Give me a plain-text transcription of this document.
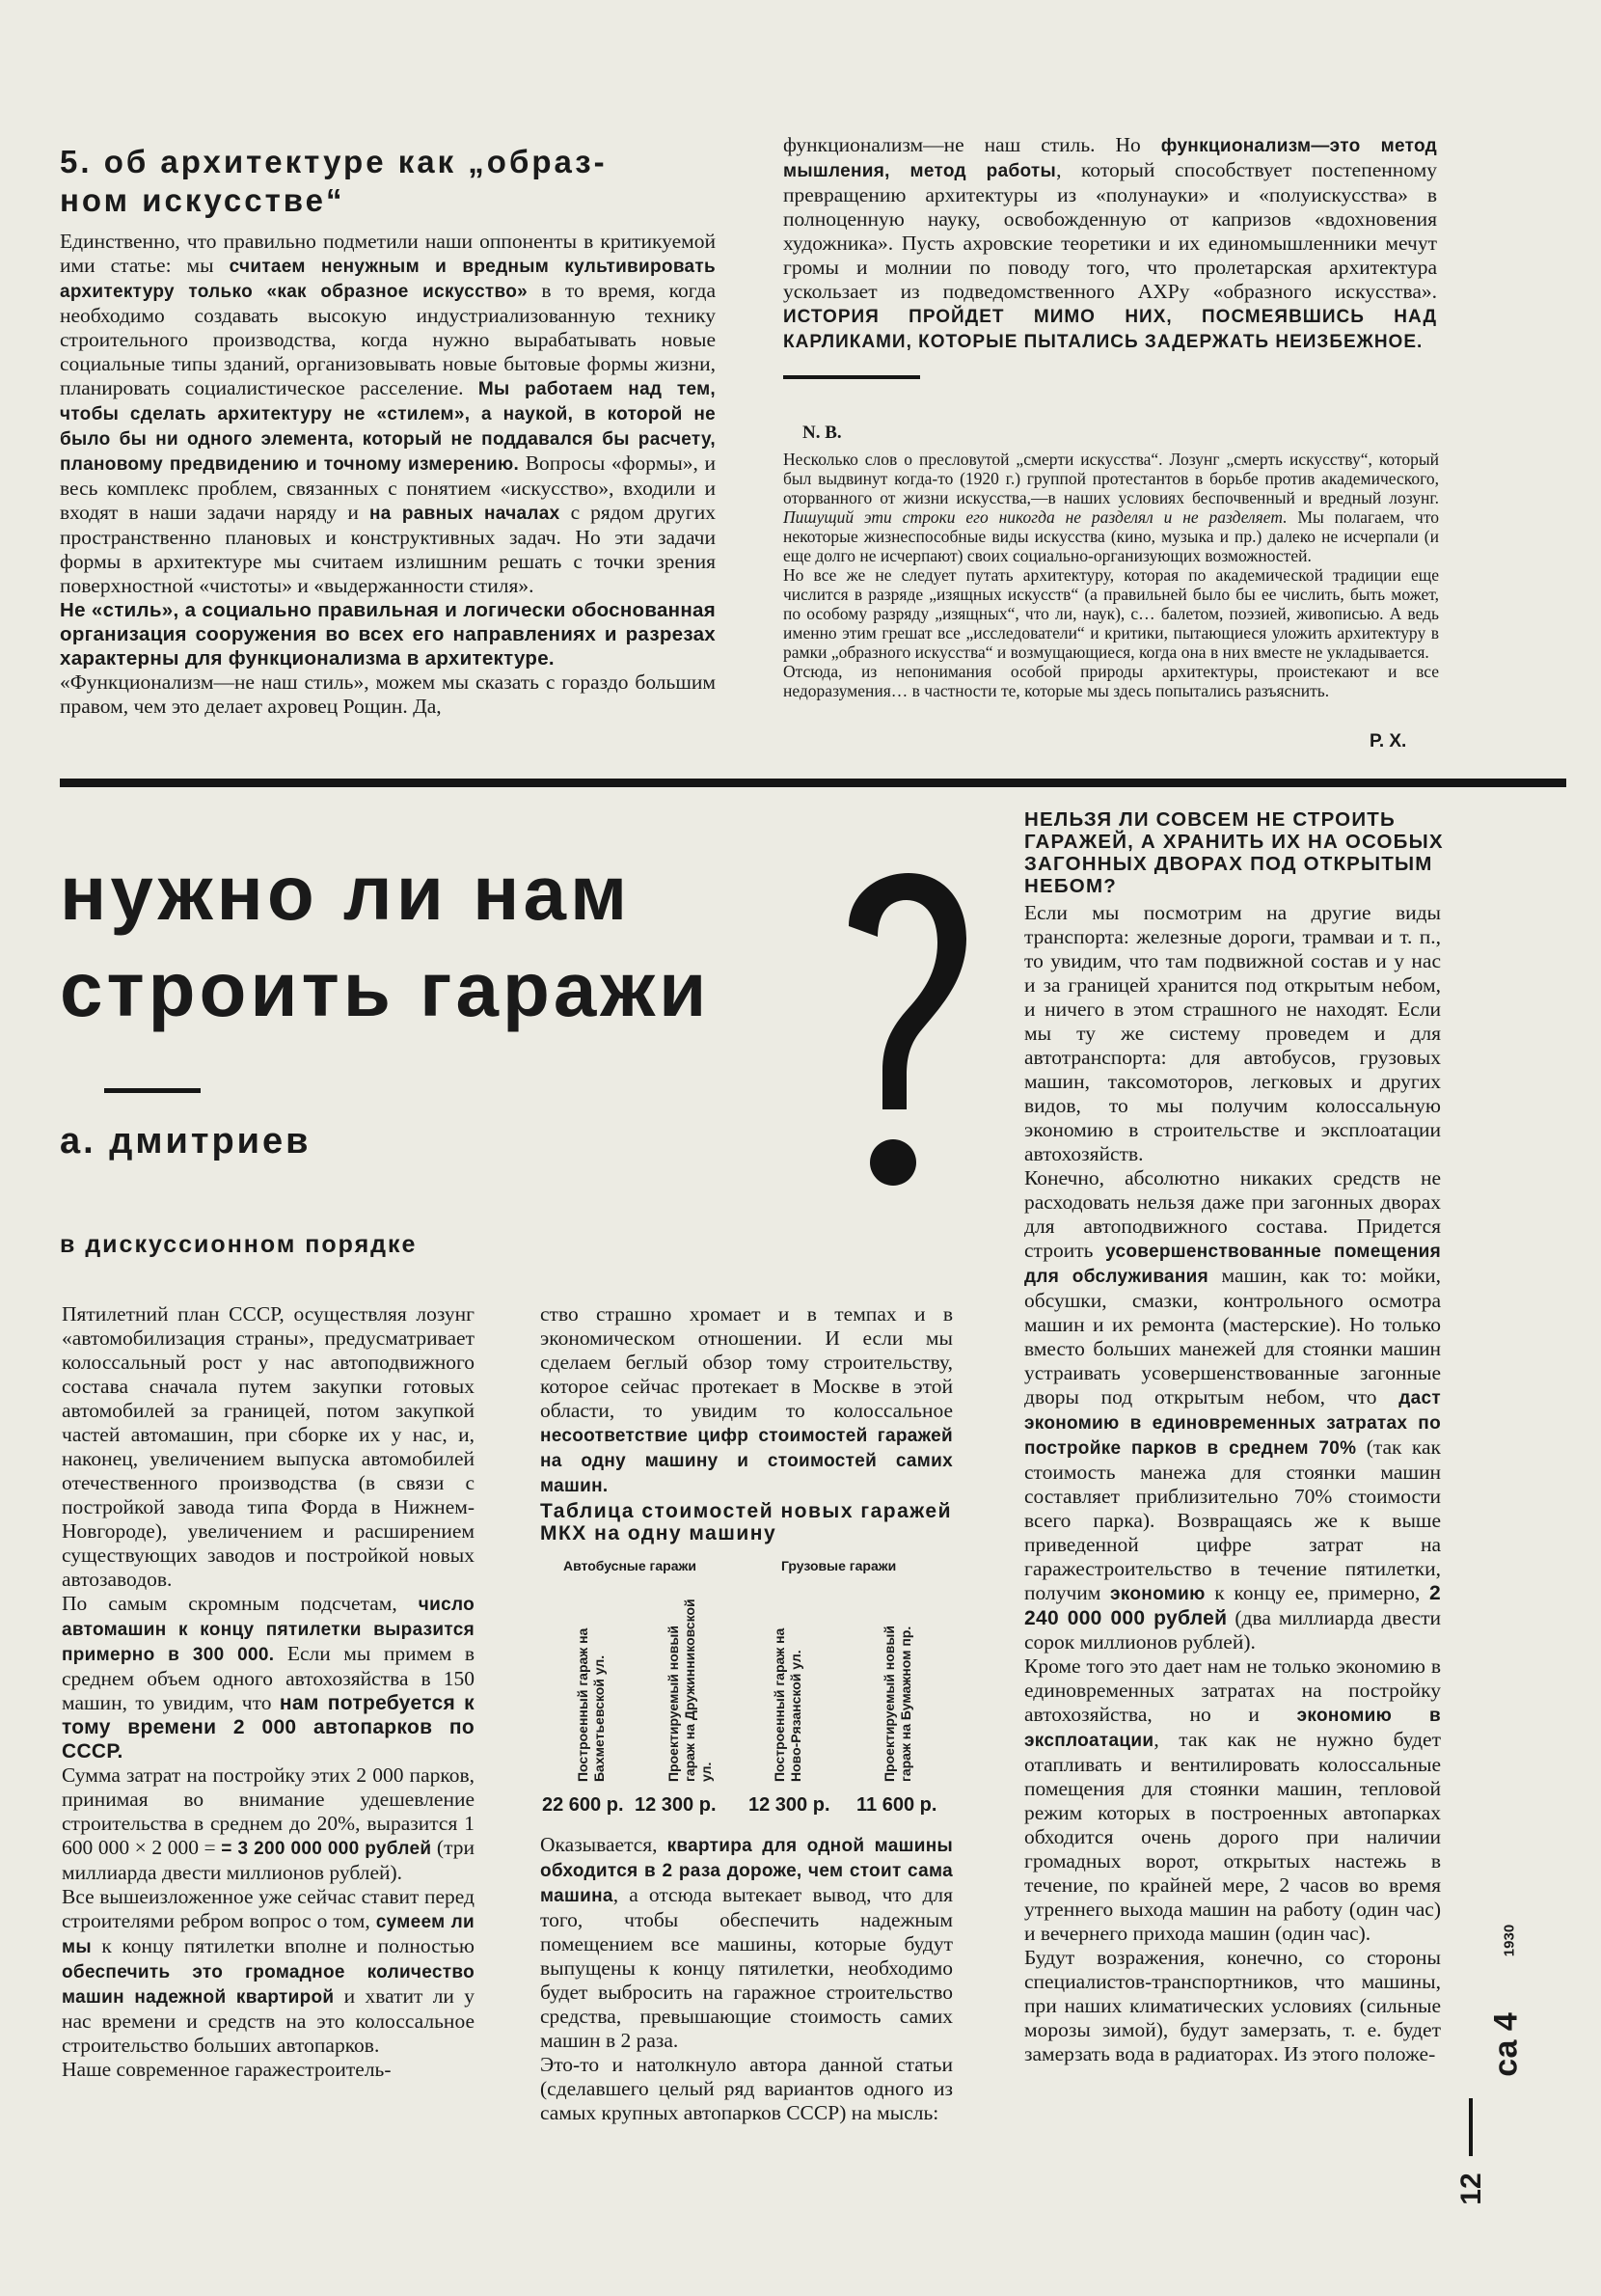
5. об архитектуре как „образ-
ном искусстве“

Единственно, что правильно подметили наши оппоненты в критикуемой ими статье: мы считаем ненужным и вредным культивировать архитектуру только «как образное искусство» в то время, когда необходимо создавать высокую индустриализованную технику строительного производства, когда нужно вырабатывать новые социальные типы зданий, организовывать новые бытовые формы жизни, планировать социалистическое расселение. Мы работаем над тем, чтобы сделать архитектуру не «стилем», а наукой, в которой не было бы ни одного элемента, который не поддавался бы расчету, плановому предвидению и точному измерению. Вопросы «формы», и весь комплекс проблем, связанных с понятием «искусство», входили и входят в наши задачи наряду и на равных началах с рядом других пространственно плановых и конструктивных задач. Но эти задачи формы в архитектуре мы считаем излишним решать с точки зрения поверхностной «чистоты» и «выдержанности стиля».

Не «стиль», а социально правильная и логически обоснованная организация сооружения во всех его направлениях и разрезах характерны для функционализма в архитектуре.

«Функционализм—не наш стиль», можем мы сказать с гораздо большим правом, чем это делает ахровец Рощин. Да,

функционализм—не наш стиль. Но функционализм—это метод мышления, метод работы, который способствует постепенному превращению архитектуры из «полунауки» и «полуискусства» в полноценную науку, освобожденную от капризов «вдохновения художника». Пусть ахровские теоретики и их единомышленники мечут громы и молнии по поводу того, что пролетарская архитектура ускользает из подведомственного АХРу «образного искусства». ИСТОРИЯ ПРОЙДЕТ МИМО НИХ, ПОСМЕЯВШИСЬ НАД КАРЛИКАМИ, КОТОРЫЕ ПЫТАЛИСЬ ЗАДЕРЖАТЬ НЕИЗБЕЖНОЕ.

N. B.

Несколько слов о пресловутой „смерти искусства“. Лозунг „смерть искусству“, который был выдвинут когда-то (1920 г.) группой протестантов в борьбе против академического, оторванного от жизни искусства,—в наших условиях беспочвенный и вредный лозунг. Пишущий эти строки его никогда не разделял и не разделяет. Мы полагаем, что некоторые жизнеспособные виды искусства (кино, музыка и пр.) далеко не исчерпали (и еще долго не исчерпают) своих социально-организующих возможностей.

Но все же не следует путать архитектуру, которая по академической традиции еще числится в разряде „изящных искусств“ (а правильней было бы ее числить, быть может, по особому разряду „изящных“, что ли, наук), с… балетом, поэзией, живописью. А ведь именно этим грешат все „исследователи“ и критики, пытающиеся уложить архитектуру в рамки „образного искусства“ и возмущающиеся, когда она в них вместе не укладывается.

Отсюда, из непонимания особой природы архитектуры, проистекают и все недоразумения… в частности те, которые мы здесь попытались разъяснить.

Р. Х.
нужно ли нам
строить гаражи
а. дмитриев
в дискуссионном порядке

Пятилетний план СССР, осуществляя лозунг «автомобилизация страны», предусматривает колоссальный рост у нас автоподвижного состава сначала путем закупки готовых автомобилей за границей, потом закупкой частей автомашин, при сборке их у нас, и, наконец, увеличением выпуска автомобилей отечественного производства (в связи с постройкой завода типа Форда в Нижнем-Новгороде), увеличением и расширением существующих заводов и постройкой новых автозаводов.

По самым скромным подсчетам, число автомашин к концу пятилетки выразится примерно в 300 000. Если мы примем в среднем объем одного автохозяйства в 150 машин, то увидим, что нам потребуется к тому времени 2 000 автопарков по СССР.

Сумма затрат на постройку этих 2 000 парков, принимая во внимание удешевление строительства в среднем до 20%, выразится 1 600 000 × 2 000 = = 3 200 000 000 рублей (три миллиарда двести миллионов рублей).

Все вышеизложенное уже сейчас ставит перед строителями ребром вопрос о том, сумеем ли мы к концу пятилетки вполне и полностью обеспечить это громадное количество машин надежной квартирой и хватит ли у нас времени и средств на это колоссальное строительство больших автопарков.

Наше современное гаражестроитель-

ство страшно хромает и в темпах и в экономическом отношении. И если мы сделаем беглый обзор тому строительству, которое сейчас протекает в Москве в этой области, то увидим то колоссальное несоответствие цифр стоимостей гаражей на одну машину и стоимостей самих машин.

Таблица стоимостей новых гаражей МКХ на одну машину
Автобусные гаражи	Грузовые гаражи
Построенный гараж на Бахметьевской ул.	Проектируемый новый гараж на Дружинниковской ул.	Построенный гараж на Ново-Рязанской ул.	Проектируемый новый гараж на Бумажном пр.
22 600 р. 12 300 р. 12 300 р. 11 600 р.

Оказывается, квартира для одной машины обходится в 2 раза дороже, чем стоит сама машина, а отсюда вытекает вывод, что для того, чтобы обеспечить надежным помещением все машины, которые будут выпущены к концу пятилетки, необходимо будет выбросить на гаражное строительство средства, превышающие стоимость самих машин в 2 раза.

Это-то и натолкнуло автора данной статьи (сделавшего целый ряд вариантов одного из самых крупных автопарков СССР) на мысль:

НЕЛЬЗЯ ЛИ СОВСЕМ НЕ СТРОИТЬ ГАРАЖЕЙ, А ХРАНИТЬ ИХ НА ОСОБЫХ ЗАГОННЫХ ДВОРАХ ПОД ОТКРЫТЫМ НЕБОМ?

Если мы посмотрим на другие виды транспорта: железные дороги, трамваи и т. п., то увидим, что там подвижной состав и у нас и за границей хранится под открытым небом, и ничего в этом страшного не находят. Если мы ту же систему проведем и для автотранспорта: для автобусов, грузовых машин, таксомоторов, легковых и других видов, то мы получим колоссальную экономию в строительстве и эксплоатации автохозяйств.

Конечно, абсолютно никаких средств не расходовать нельзя даже при загонных дворах для автоподвижного состава. Придется строить усовершенствованные помещения для обслуживания машин, как то: мойки, обсушки, смазки, контрольного осмотра машин и их ремонта (мастерские). Но только вместо больших манежей для стоянки машин устраивать усовершенствованные загонные дворы под открытым небом, что даст экономию в единовременных затратах по постройке парков в среднем 70% (так как стоимость манежа для стоянки машин составляет приблизительно 70% стоимости всего парка). Возвращаясь же к выше приведенной цифре затрат на гаражестроительство в течение пятилетки, получим экономию к концу ее, примерно, 2 240 000 000 рублей (два миллиарда двести сорок миллионов рублей).

Кроме того это дает нам не только экономию в единовременных затратах на постройку автохозяйства, но и экономию в эксплоатации, так как не нужно будет отапливать и вентилировать колоссальные помещения для стоянки машин, тепловой режим которых в построенных автопарках обходится очень дорого при наличии громадных ворот, открытых настежь в течение, по крайней мере, 2 часов во время утреннего выхода машин на работу (один час) и вечернего прихода машин (один час).

Будут возражения, конечно, со стороны специалистов-транспортников, что машины, при наших климатических условиях (сильные морозы зимой), будут замерзать, т. е. будет замерзать вода в радиаторах. Из этого положе- са 4
1930
12
